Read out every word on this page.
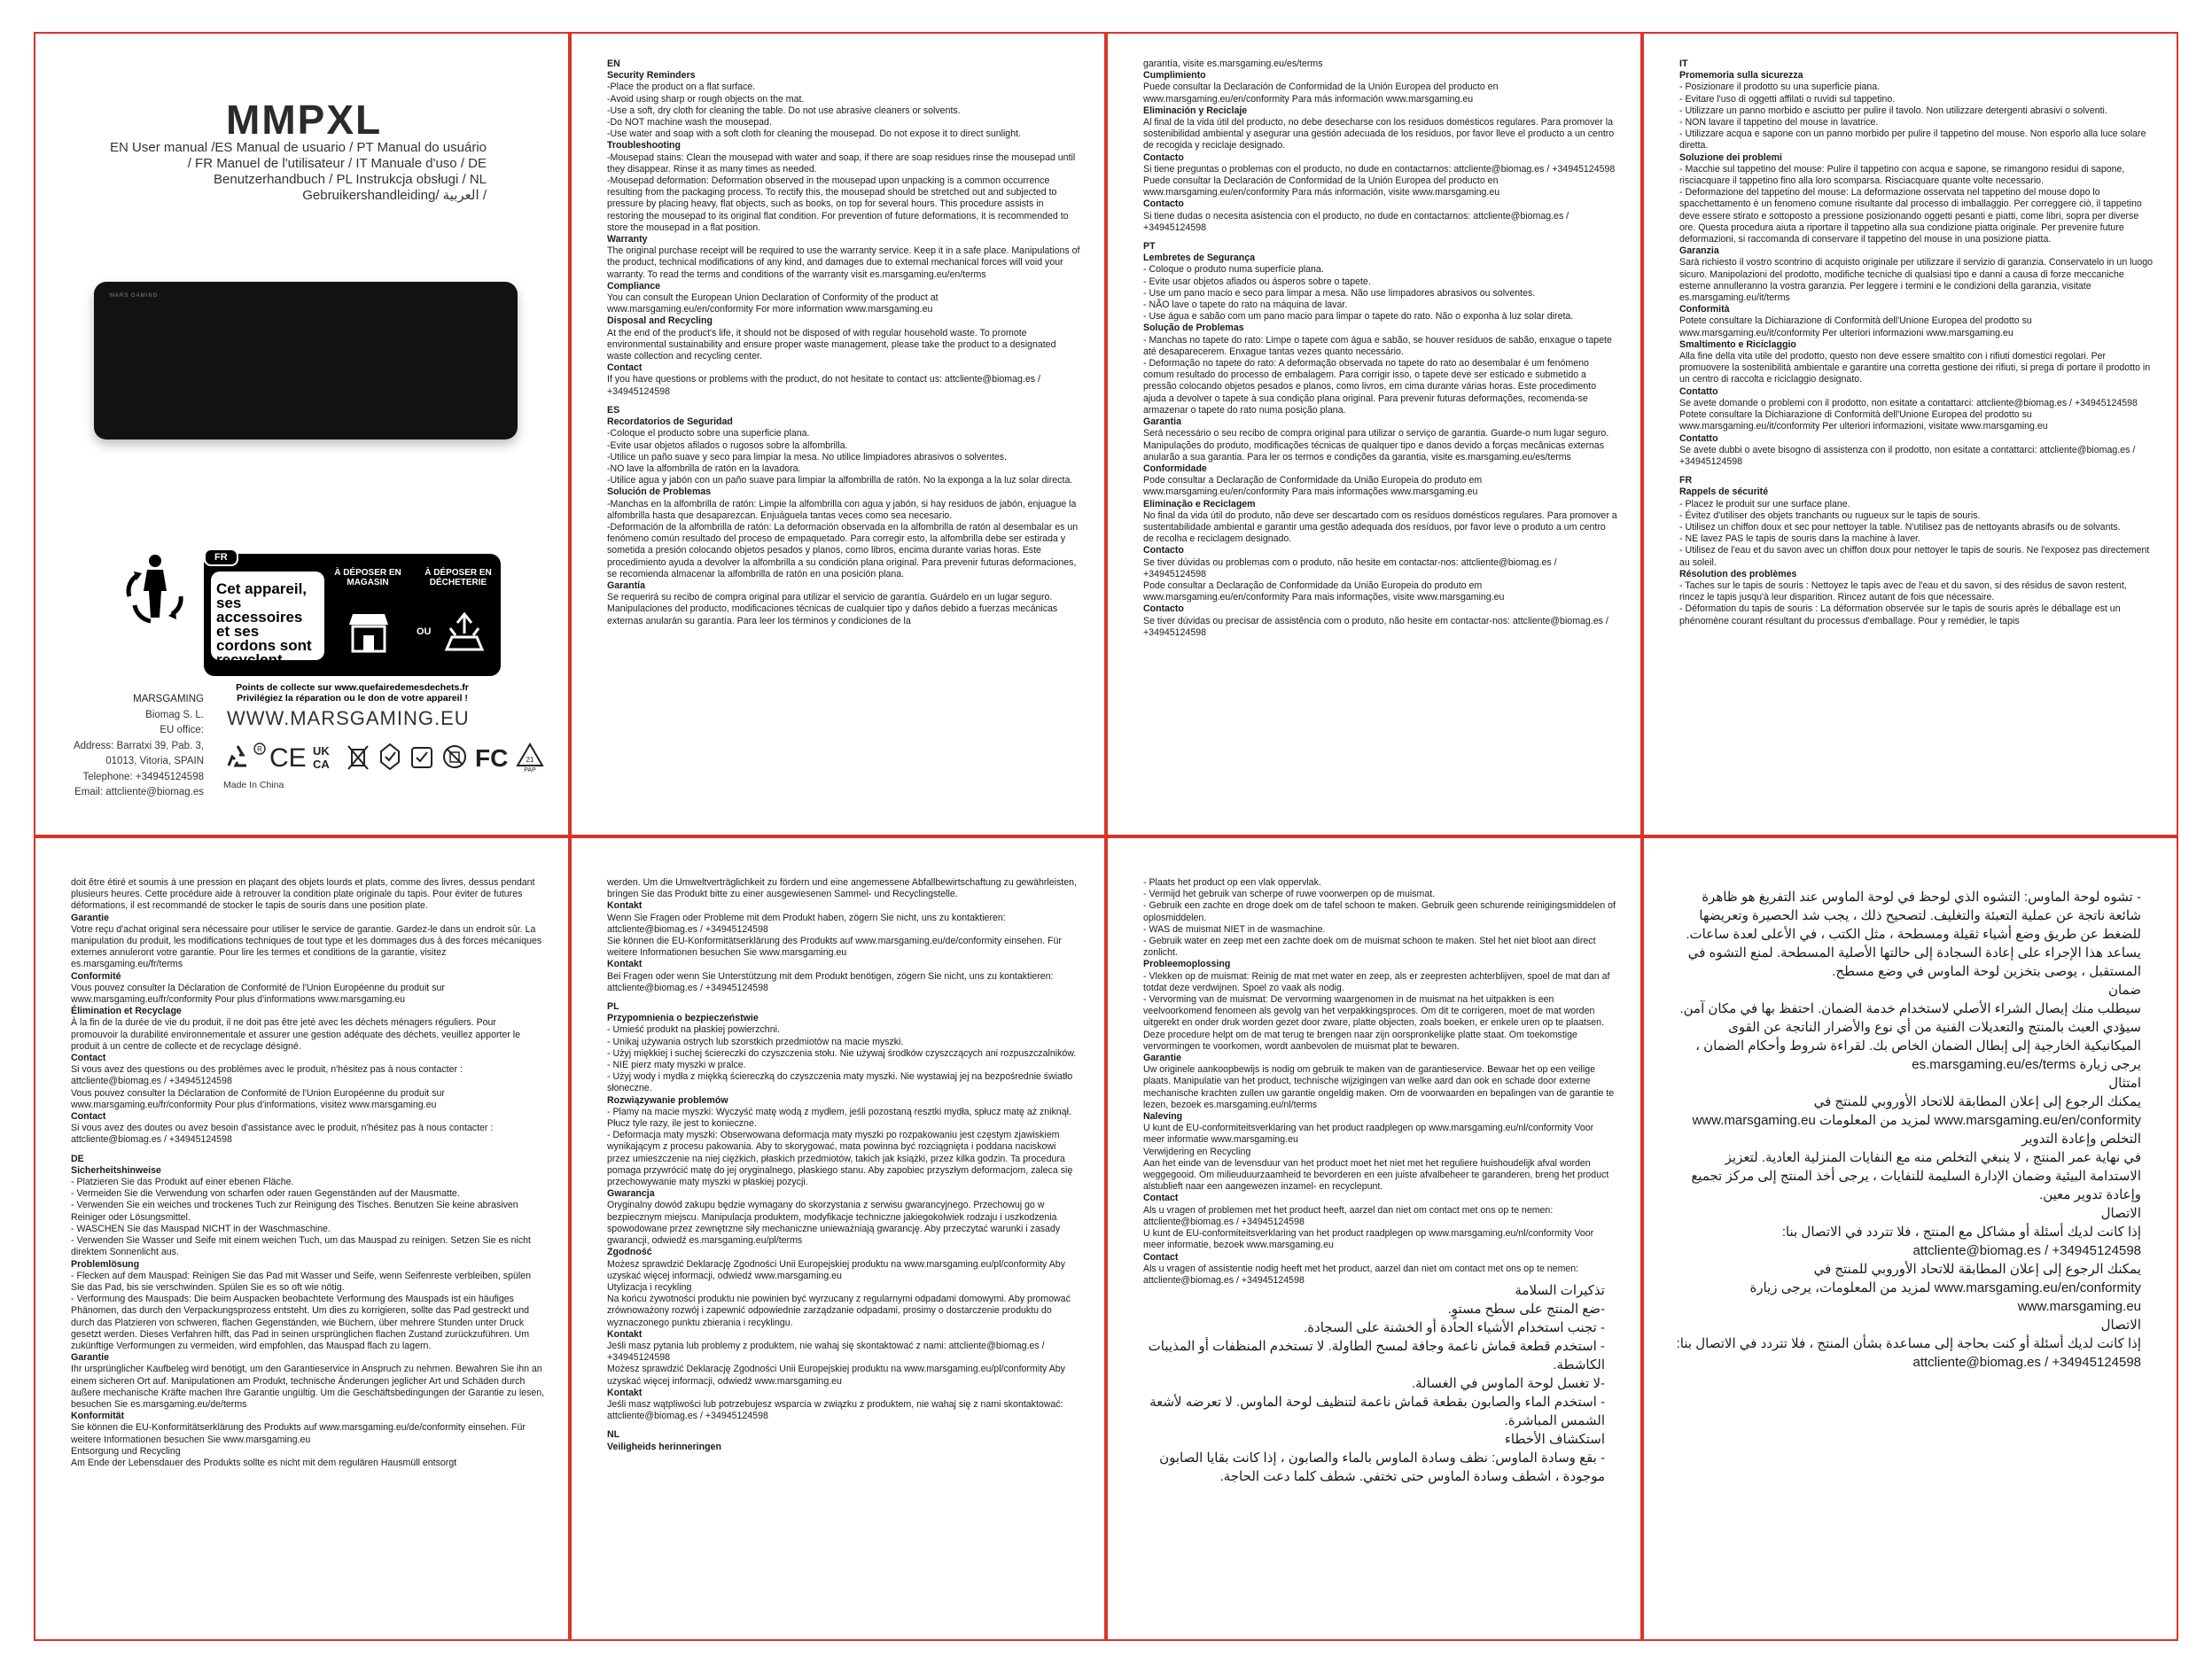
MMPXL
EN User manual /ES Manual de usuario / PT Manual do usuário / FR Manuel de l'utilisateur / IT Manuale d'uso / DE Benutzerhandbuch / PL Instrukcja obsługi / NL Gebruikershandleiding/ العربية /
MARS GAMING
FR
Cet appareil, ses accessoires et ses cordons sont recyclent
À DÉPOSER EN MAGASIN
À DÉPOSER EN DÉCHETERIE
OU
Points de collecte sur www.quefairedemesdechets.fr
Privilégiez la réparation ou le don de votre appareil !
MARSGAMING
Biomag S. L.
EU office:
Address: Barratxi 39, Pab. 3,
01013, Vitoria, SPAIN
Telephone: +34945124598
Email: attcliente@biomag.es
WWW.MARSGAMING.EU
R CE UK
CA	FC	21
PAP
Made In China

EN

Security Reminders

-Place the product on a flat surface.

-Avoid using sharp or rough objects on the mat.

-Use a soft, dry cloth for cleaning the table. Do not use abrasive cleaners or solvents.

-Do NOT machine wash the mousepad.

-Use water and soap with a soft cloth for cleaning the mousepad. Do not expose it to direct sunlight.

Troubleshooting

-Mousepad stains: Clean the mousepad with water and soap, if there are soap residues rinse the mousepad until they disappear. Rinse it as many times as needed.

-Mousepad deformation: Deformation observed in the mousepad upon unpacking is a common occurrence resulting from the packaging process. To rectify this, the mousepad should be stretched out and subjected to pressure by placing heavy, flat objects, such as books, on top for several hours. This procedure assists in restoring the mousepad to its original flat condition. For prevention of future deformations, it is recommended to store the mousepad in a flat position.

Warranty

The original purchase receipt will be required to use the warranty service. Keep it in a safe place. Manipulations of the product, technical modifications of any kind, and damages due to external mechanical forces will void your warranty. To read the terms and conditions of the warranty visit es.marsgaming.eu/en/terms

Compliance

You can consult the European Union Declaration of Conformity of the product at www.marsgaming.eu/en/conformity For more information www.marsgaming.eu

Disposal and Recycling

At the end of the product's life, it should not be disposed of with regular household waste. To promote environmental sustainability and ensure proper waste management, please take the product to a designated waste collection and recycling center.

Contact

If you have questions or problems with the product, do not hesitate to contact us: attcliente@biomag.es / +34945124598

ES

Recordatorios de Seguridad

-Coloque el producto sobre una superficie plana.

-Evite usar objetos afilados o rugosos sobre la alfombrilla.

-Utilice un paño suave y seco para limpiar la mesa. No utilice limpiadores abrasivos o solventes.

-NO lave la alfombrilla de ratón en la lavadora.

-Utilice agua y jabón con un paño suave para limpiar la alfombrilla de ratón. No la exponga a la luz solar directa.

Solución de Problemas

-Manchas en la alfombrilla de ratón: Limpie la alfombrilla con agua y jabón, si hay residuos de jabón, enjuague la alfombrilla hasta que desaparezcan. Enjuáguela tantas veces como sea necesario.

-Deformación de la alfombrilla de ratón: La deformación observada en la alfombrilla de ratón al desembalar es un fenómeno común resultado del proceso de empaquetado. Para corregir esto, la alfombrilla debe ser estirada y sometida a presión colocando objetos pesados y planos, como libros, encima durante varias horas. Este procedimiento ayuda a devolver la alfombrilla a su condición plana original. Para prevenir futuras deformaciones, se recomienda almacenar la alfombrilla de ratón en una posición plana.

Garantía

Se requerirá su recibo de compra original para utilizar el servicio de garantía. Guárdelo en un lugar seguro. Manipulaciones del producto, modificaciones técnicas de cualquier tipo y daños debido a fuerzas mecánicas externas anularán su garantía. Para leer los términos y condiciones de la

garantía, visite es.marsgaming.eu/es/terms

Cumplimiento

Puede consultar la Declaración de Conformidad de la Unión Europea del producto en www.marsgaming.eu/en/conformity Para más información www.marsgaming.eu

Eliminación y Reciclaje

Al final de la vida útil del producto, no debe desecharse con los residuos domésticos regulares. Para promover la sostenibilidad ambiental y asegurar una gestión adecuada de los residuos, por favor lleve el producto a un centro de recogida y reciclaje designado.

Contacto

Si tiene preguntas o problemas con el producto, no dude en contactarnos: attcliente@biomag.es / +34945124598

Puede consultar la Declaración de Conformidad de la Unión Europea del producto en www.marsgaming.eu/en/conformity Para más información, visite www.marsgaming.eu

Contacto

Si tiene dudas o necesita asistencia con el producto, no dude en contactarnos: attcliente@biomag.es / +34945124598

PT

Lembretes de Segurança

- Coloque o produto numa superfície plana.

- Evite usar objetos afiados ou ásperos sobre o tapete.

- Use um pano macio e seco para limpar a mesa. Não use limpadores abrasivos ou solventes.

- NÃO lave o tapete do rato na máquina de lavar.

- Use água e sabão com um pano macio para limpar o tapete do rato. Não o exponha à luz solar direta.

Solução de Problemas

- Manchas no tapete do rato: Limpe o tapete com água e sabão, se houver resíduos de sabão, enxague o tapete até desaparecerem. Enxague tantas vezes quanto necessário.

- Deformação no tapete do rato: A deformação observada no tapete do rato ao desembalar é um fenómeno comum resultado do processo de embalagem. Para corrigir isso, o tapete deve ser esticado e submetido a pressão colocando objetos pesados e planos, como livros, em cima durante várias horas. Este procedimento ajuda a devolver o tapete à sua condição plana original. Para prevenir futuras deformações, recomenda-se armazenar o tapete do rato numa posição plana.

Garantia

Será necessário o seu recibo de compra original para utilizar o serviço de garantia. Guarde-o num lugar seguro. Manipulações do produto, modificações técnicas de qualquer tipo e danos devido a forças mecânicas externas anularão a sua garantia. Para ler os termos e condições da garantia, visite es.marsgaming.eu/es/terms

Conformidade

Pode consultar a Declaração de Conformidade da União Europeia do produto em www.marsgaming.eu/en/conformity Para mais informações www.marsgaming.eu

Eliminação e Reciclagem

No final da vida útil do produto, não deve ser descartado com os resíduos domésticos regulares. Para promover a sustentabilidade ambiental e garantir uma gestão adequada dos resíduos, por favor leve o produto a um centro de recolha e reciclagem designado.

Contacto

Se tiver dúvidas ou problemas com o produto, não hesite em contactar-nos: attcliente@biomag.es / +34945124598

Pode consultar a Declaração de Conformidade da União Europeia do produto em www.marsgaming.eu/en/conformity Para mais informações, visite www.marsgaming.eu

Contacto

Se tiver dúvidas ou precisar de assistência com o produto, não hesite em contactar-nos: attcliente@biomag.es / +34945124598

IT

Promemoria sulla sicurezza

- Posizionare il prodotto su una superficie piana.

- Evitare l'uso di oggetti affilati o ruvidi sul tappetino.

- Utilizzare un panno morbido e asciutto per pulire il tavolo. Non utilizzare detergenti abrasivi o solventi.

- NON lavare il tappetino del mouse in lavatrice.

- Utilizzare acqua e sapone con un panno morbido per pulire il tappetino del mouse. Non esporlo alla luce solare diretta.

Soluzione dei problemi

- Macchie sul tappetino del mouse: Pulire il tappetino con acqua e sapone, se rimangono residui di sapone, risciacquare il tappetino fino alla loro scomparsa. Risciacquare quante volte necessario.

- Deformazione del tappetino del mouse: La deformazione osservata nel tappetino del mouse dopo lo spacchettamento è un fenomeno comune risultante dal processo di imballaggio. Per correggere ciò, il tappetino deve essere stirato e sottoposto a pressione posizionando oggetti pesanti e piatti, come libri, sopra per diverse ore. Questa procedura aiuta a riportare il tappetino alla sua condizione piatta originale. Per prevenire future deformazioni, si raccomanda di conservare il tappetino del mouse in una posizione piatta.

Garanzia

Sarà richiesto il vostro scontrino di acquisto originale per utilizzare il servizio di garanzia. Conservatelo in un luogo sicuro. Manipolazioni del prodotto, modifiche tecniche di qualsiasi tipo e danni a causa di forze meccaniche esterne annulleranno la vostra garanzia. Per leggere i termini e le condizioni della garanzia, visitate es.marsgaming.eu/it/terms

Conformità

Potete consultare la Dichiarazione di Conformità dell'Unione Europea del prodotto su www.marsgaming.eu/it/conformity Per ulteriori informazioni www.marsgaming.eu

Smaltimento e Riciclaggio

Alla fine della vita utile del prodotto, questo non deve essere smaltito con i rifiuti domestici regolari. Per promuovere la sostenibilità ambientale e garantire una corretta gestione dei rifiuti, si prega di portare il prodotto in un centro di raccolta e riciclaggio designato.

Contatto

Se avete domande o problemi con il prodotto, non esitate a contattarci: attcliente@biomag.es / +34945124598

Potete consultare la Dichiarazione di Conformità dell'Unione Europea del prodotto su www.marsgaming.eu/it/conformity Per ulteriori informazioni, visitate www.marsgaming.eu

Contatto

Se avete dubbi o avete bisogno di assistenza con il prodotto, non esitate a contattarci: attcliente@biomag.es / +34945124598

FR

Rappels de sécurité

- Placez le produit sur une surface plane.

- Évitez d'utiliser des objets tranchants ou rugueux sur le tapis de souris.

- Utilisez un chiffon doux et sec pour nettoyer la table. N'utilisez pas de nettoyants abrasifs ou de solvants.

- NE lavez PAS le tapis de souris dans la machine à laver.

- Utilisez de l'eau et du savon avec un chiffon doux pour nettoyer le tapis de souris. Ne l'exposez pas directement au soleil.

Résolution des problèmes

- Taches sur le tapis de souris : Nettoyez le tapis avec de l'eau et du savon, si des résidus de savon restent, rincez le tapis jusqu'à leur disparition. Rincez autant de fois que nécessaire.

- Déformation du tapis de souris : La déformation observée sur le tapis de souris après le déballage est un phénomène courant résultant du processus d'emballage. Pour y remédier, le tapis

doit être étiré et soumis à une pression en plaçant des objets lourds et plats, comme des livres, dessus pendant plusieurs heures. Cette procédure aide à retrouver la condition plate originale du tapis. Pour éviter de futures déformations, il est recommandé de stocker le tapis de souris dans une position plate.

Garantie

Votre reçu d'achat original sera nécessaire pour utiliser le service de garantie. Gardez-le dans un endroit sûr. La manipulation du produit, les modifications techniques de tout type et les dommages dus à des forces mécaniques externes annuleront votre garantie. Pour lire les termes et conditions de la garantie, visitez es.marsgaming.eu/fr/terms

Conformité

Vous pouvez consulter la Déclaration de Conformité de l'Union Européenne du produit sur www.marsgaming.eu/fr/conformity Pour plus d'informations www.marsgaming.eu

Élimination et Recyclage

À la fin de la durée de vie du produit, il ne doit pas être jeté avec les déchets ménagers réguliers. Pour promouvoir la durabilité environnementale et assurer une gestion adéquate des déchets, veuillez apporter le produit à un centre de collecte et de recyclage désigné.

Contact

Si vous avez des questions ou des problèmes avec le produit, n'hésitez pas à nous contacter : attcliente@biomag.es / +34945124598

Vous pouvez consulter la Déclaration de Conformité de l'Union Européenne du produit sur www.marsgaming.eu/fr/conformity Pour plus d'informations, visitez www.marsgaming.eu

Contact

Si vous avez des doutes ou avez besoin d'assistance avec le produit, n'hésitez pas à nous contacter : attcliente@biomag.es / +34945124598

DE

Sicherheitshinweise

- Platzieren Sie das Produkt auf einer ebenen Fläche.

- Vermeiden Sie die Verwendung von scharfen oder rauen Gegenständen auf der Mausmatte.

- Verwenden Sie ein weiches und trockenes Tuch zur Reinigung des Tisches. Benutzen Sie keine abrasiven Reiniger oder Lösungsmittel.

- WASCHEN Sie das Mauspad NICHT in der Waschmaschine.

- Verwenden Sie Wasser und Seife mit einem weichen Tuch, um das Mauspad zu reinigen. Setzen Sie es nicht direktem Sonnenlicht aus.

Problemlösung

- Flecken auf dem Mauspad: Reinigen Sie das Pad mit Wasser und Seife, wenn Seifenreste verbleiben, spülen Sie das Pad, bis sie verschwinden. Spülen Sie es so oft wie nötig.

- Verformung des Mauspads: Die beim Auspacken beobachtete Verformung des Mauspads ist ein häufiges Phänomen, das durch den Verpackungsprozess entsteht. Um dies zu korrigieren, sollte das Pad gestreckt und durch das Platzieren von schweren, flachen Gegenständen, wie Büchern, über mehrere Stunden unter Druck gesetzt werden. Dieses Verfahren hilft, das Pad in seinen ursprünglichen flachen Zustand zurückzuführen. Um zukünftige Verformungen zu vermeiden, wird empfohlen, das Mauspad flach zu lagern.

Garantie

Ihr ursprünglicher Kaufbeleg wird benötigt, um den Garantieservice in Anspruch zu nehmen. Bewahren Sie ihn an einem sicheren Ort auf. Manipulationen am Produkt, technische Änderungen jeglicher Art und Schäden durch äußere mechanische Kräfte machen Ihre Garantie ungültig. Um die Geschäftsbedingungen der Garantie zu lesen, besuchen Sie es.marsgaming.eu/de/terms

Konformität

Sie können die EU-Konformitätserklärung des Produkts auf www.marsgaming.eu/de/conformity einsehen. Für weitere Informationen besuchen Sie www.marsgaming.eu

Entsorgung und Recycling

Am Ende der Lebensdauer des Produkts sollte es nicht mit dem regulären Hausmüll entsorgt

werden. Um die Umweltverträglichkeit zu fördern und eine angemessene Abfallbewirtschaftung zu gewährleisten, bringen Sie das Produkt bitte zu einer ausgewiesenen Sammel- und Recyclingstelle.

Kontakt

Wenn Sie Fragen oder Probleme mit dem Produkt haben, zögern Sie nicht, uns zu kontaktieren: attcliente@biomag.es / +34945124598

Sie können die EU-Konformitätserklärung des Produkts auf www.marsgaming.eu/de/conformity einsehen. Für weitere Informationen besuchen Sie www.marsgaming.eu

Kontakt

Bei Fragen oder wenn Sie Unterstützung mit dem Produkt benötigen, zögern Sie nicht, uns zu kontaktieren: attcliente@biomag.es / +34945124598

PL

Przypomnienia o bezpieczeństwie

- Umieść produkt na płaskiej powierzchni.

- Unikaj używania ostrych lub szorstkich przedmiotów na macie myszki.

- Użyj miękkiej i suchej ściereczki do czyszczenia stołu. Nie używaj środków czyszczących ani rozpuszczalników.

- NIE pierz maty myszki w pralce.

- Użyj wody i mydła z miękką ściereczką do czyszczenia maty myszki. Nie wystawiaj jej na bezpośrednie światło słoneczne.

Rozwiązywanie problemów

- Plamy na macie myszki: Wyczyść matę wodą z mydłem, jeśli pozostaną resztki mydła, spłucz matę aż zniknął. Płucz tyle razy, ile jest to konieczne.

- Deformacja maty myszki: Obserwowana deformacja maty myszki po rozpakowaniu jest częstym zjawiskiem wynikającym z procesu pakowania. Aby to skorygować, mata powinna być rozciągnięta i poddana naciskowi przez umieszczenie na niej ciężkich, płaskich przedmiotów, takich jak książki, przez kilka godzin. Ta procedura pomaga przywrócić matę do jej oryginalnego, płaskiego stanu. Aby zapobiec przyszłym deformacjom, zaleca się przechowywanie maty myszki w płaskiej pozycji.

Gwarancja

Oryginalny dowód zakupu będzie wymagany do skorzystania z serwisu gwarancyjnego. Przechowuj go w bezpiecznym miejscu. Manipulacja produktem, modyfikacje techniczne jakiegokolwiek rodzaju i uszkodzenia spowodowane przez zewnętrzne siły mechaniczne unieważniają gwarancję. Aby przeczytać warunki i zasady gwarancji, odwiedź es.marsgaming.eu/pl/terms

Zgodność

Możesz sprawdzić Deklarację Zgodności Unii Europejskiej produktu na www.marsgaming.eu/pl/conformity Aby uzyskać więcej informacji, odwiedź www.marsgaming.eu

Utylizacja i recykling

Na końcu żywotności produktu nie powinien być wyrzucany z regularnymi odpadami domowymi. Aby promować zrównoważony rozwój i zapewnić odpowiednie zarządzanie odpadami, prosimy o dostarczenie produktu do wyznaczonego punktu zbierania i recyklingu.

Kontakt

Jeśli masz pytania lub problemy z produktem, nie wahaj się skontaktować z nami: attcliente@biomag.es / +34945124598

Możesz sprawdzić Deklarację Zgodności Unii Europejskiej produktu na www.marsgaming.eu/pl/conformity Aby uzyskać więcej informacji, odwiedź www.marsgaming.eu

Kontakt

Jeśli masz wątpliwości lub potrzebujesz wsparcia w związku z produktem, nie wahaj się z nami skontaktować: attcliente@biomag.es / +34945124598

NL

Veiligheids herinneringen

- Plaats het product op een vlak oppervlak.

- Vermijd het gebruik van scherpe of ruwe voorwerpen op de muismat.

- Gebruik een zachte en droge doek om de tafel schoon te maken. Gebruik geen schurende reinigingsmiddelen of oplosmiddelen.

- WAS de muismat NIET in de wasmachine.

- Gebruik water en zeep met een zachte doek om de muismat schoon te maken. Stel het niet bloot aan direct zonlicht.

Probleemoplossing

- Vlekken op de muismat: Reinig de mat met water en zeep, als er zeepresten achterblijven, spoel de mat dan af totdat deze verdwijnen. Spoel zo vaak als nodig.

- Vervorming van de muismat: De vervorming waargenomen in de muismat na het uitpakken is een veelvoorkomend fenomeen als gevolg van het verpakkingsproces. Om dit te corrigeren, moet de mat worden uitgerekt en onder druk worden gezet door zware, platte objecten, zoals boeken, er enkele uren op te plaatsen. Deze procedure helpt om de mat terug te brengen naar zijn oorspronkelijke platte staat. Om toekomstige vervormingen te voorkomen, wordt aanbevolen de muismat plat te bewaren.

Garantie

Uw originele aankoopbewijs is nodig om gebruik te maken van de garantieservice. Bewaar het op een veilige plaats. Manipulatie van het product, technische wijzigingen van welke aard dan ook en schade door externe mechanische krachten zullen uw garantie ongeldig maken. Om de voorwaarden en bepalingen van de garantie te lezen, bezoek es.marsgaming.eu/nl/terms

Naleving

U kunt de EU-conformiteitsverklaring van het product raadplegen op www.marsgaming.eu/nl/conformity Voor meer informatie www.marsgaming.eu

Verwijdering en Recycling

Aan het einde van de levensduur van het product moet het niet met het reguliere huishoudelijk afval worden weggegooid. Om milieuduurzaamheid te bevorderen en een juiste afvalbeheer te garanderen, breng het product alstublieft naar een aangewezen inzamel- en recyclepunt.

Contact

Als u vragen of problemen met het product heeft, aarzel dan niet om contact met ons op te nemen: attcliente@biomag.es / +34945124598

U kunt de EU-conformiteitsverklaring van het product raadplegen op www.marsgaming.eu/nl/conformity Voor meer informatie, bezoek www.marsgaming.eu

Contact

Als u vragen of assistentie nodig heeft met het product, aarzel dan niet om contact met ons op te nemen: attcliente@biomag.es / +34945124598

تذكيرات السلامة

-ضع المنتج على سطح مستوٍ.

- تجنب استخدام الأشياء الحادة أو الخشنة على السجادة.

- استخدم قطعة قماش ناعمة وجافة لمسح الطاولة. لا تستخدم المنظفات أو المذيبات الكاشطة.

-لا تغسل لوحة الماوس في الغسالة.

- استخدم الماء والصابون بقطعة قماش ناعمة لتنظيف لوحة الماوس. لا تعرضه لأشعة الشمس المباشرة.

استكشاف الأخطاء

- بقع وسادة الماوس: نظف وسادة الماوس بالماء والصابون ، إذا كانت بقايا الصابون موجودة ، اشطف وسادة الماوس حتى تختفي. شطف كلما دعت الحاجة.

- تشوه لوحة الماوس: التشوه الذي لوحظ في لوحة الماوس عند التفريغ هو ظاهرة شائعة ناتجة عن عملية التعبئة والتغليف. لتصحيح ذلك ، يجب شد الحصيرة وتعريضها للضغط عن طريق وضع أشياء ثقيلة ومسطحة ، مثل الكتب ، في الأعلى لعدة ساعات. يساعد هذا الإجراء على إعادة السجادة إلى حالتها الأصلية المسطحة. لمنع التشوه في المستقبل ، يوصى بتخزين لوحة الماوس في وضع مسطح.

ضمان

سيطلب منك إيصال الشراء الأصلي لاستخدام خدمة الضمان. احتفظ بها في مكان آمن. سيؤدي العبث بالمنتج والتعديلات الفنية من أي نوع والأضرار الناتجة عن القوى الميكانيكية الخارجية إلى إبطال الضمان الخاص بك. لقراءة شروط وأحكام الضمان ، يرجى زيارة es.marsgaming.eu/es/terms

امتثال

يمكنك الرجوع إلى إعلان المطابقة للاتحاد الأوروبي للمنتج في www.marsgaming.eu/en/conformity لمزيد من المعلومات www.marsgaming.eu

التخلص وإعادة التدوير

في نهاية عمر المنتج ، لا ينبغي التخلص منه مع النفايات المنزلية العادية. لتعزيز الاستدامة البيئية وضمان الإدارة السليمة للنفايات ، يرجى أخذ المنتج إلى مركز تجميع وإعادة تدوير معين.

الاتصال

إذا كانت لديك أسئلة أو مشاكل مع المنتج ، فلا تتردد في الاتصال بنا: attcliente@biomag.es / +34945124598

يمكنك الرجوع إلى إعلان المطابقة للاتحاد الأوروبي للمنتج في www.marsgaming.eu/en/conformity لمزيد من المعلومات، يرجى زيارة www.marsgaming.eu

الاتصال

إذا كانت لديك أسئلة أو كنت بحاجة إلى مساعدة بشأن المنتج ، فلا تتردد في الاتصال بنا: attcliente@biomag.es / +34945124598
